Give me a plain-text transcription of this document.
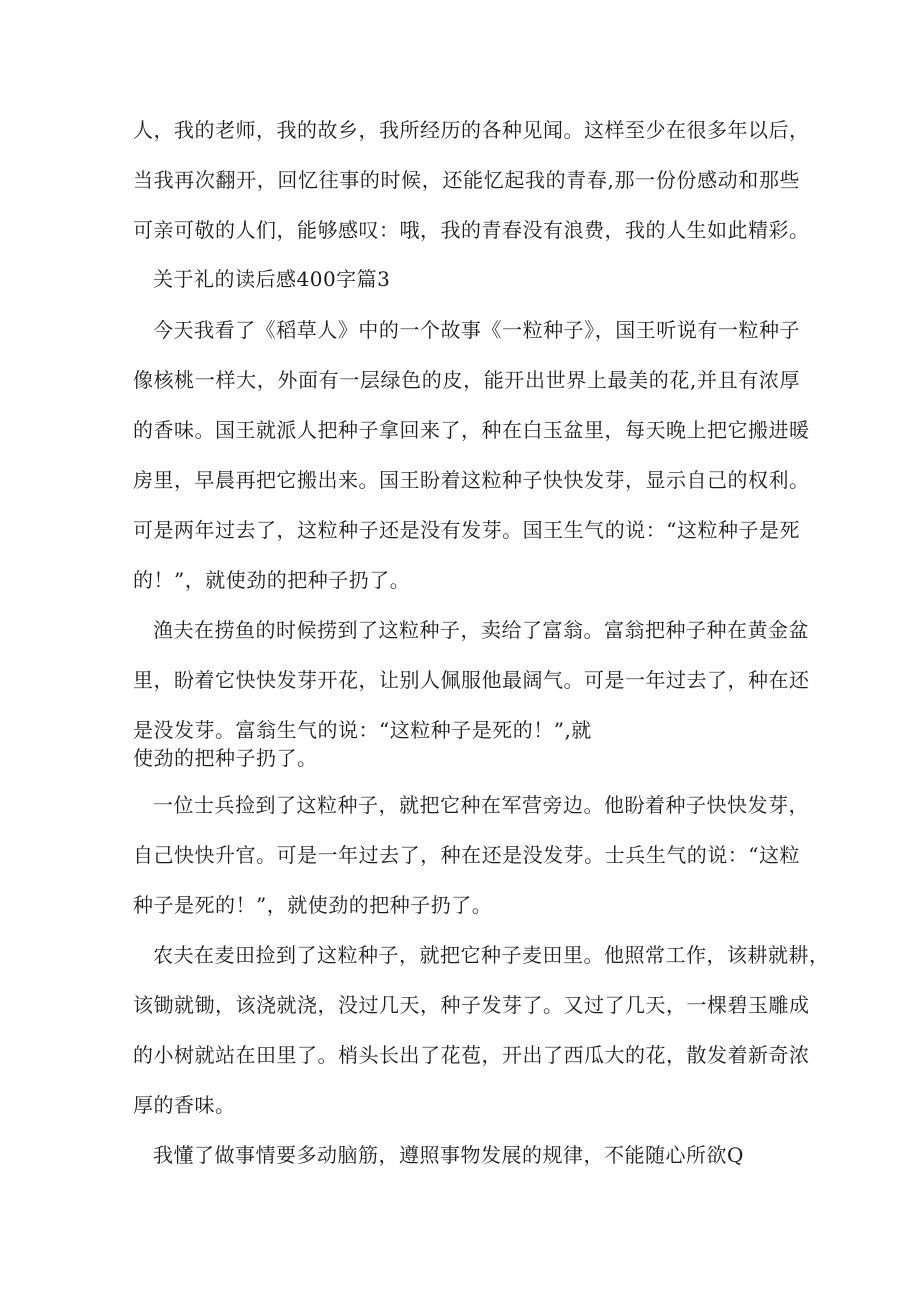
人，我的老师，我的故乡，我所经历的各种见闻。这样至少在很多年以后，
当我再次翻开，回忆往事的时候，还能忆起我的青春,那一份份感动和那些
可亲可敬的人们，能够感叹：哦，我的青春没有浪费，我的人生如此精彩。
关于礼的读后感400字篇3
今天我看了《稻草人》中的一个故事《一粒种子》，国王听说有一粒种子
像核桃一样大，外面有一层绿色的皮，能开出世界上最美的花,并且有浓厚
的香味。国王就派人把种子拿回来了，种在白玉盆里，每天晚上把它搬进暖
房里，早晨再把它搬出来。国王盼着这粒种子快快发芽，显示自己的权利。
可是两年过去了，这粒种子还是没有发芽。国王生气的说：“这粒种子是死
的！”，就使劲的把种子扔了。
渔夫在捞鱼的时候捞到了这粒种子，卖给了富翁。富翁把种子种在黄金盆
里，盼着它快快发芽开花，让别人佩服他最阔气。可是一年过去了，种在还
是没发芽。富翁生气的说：“这粒种子是死的！”,就
使劲的把种子扔了。
一位士兵捡到了这粒种子，就把它种在军营旁边。他盼着种子快快发芽，
自己快快升官。可是一年过去了，种在还是没发芽。士兵生气的说：“这粒
种子是死的！”，就使劲的把种子扔了。
农夫在麦田捡到了这粒种子，就把它种子麦田里。他照常工作，该耕就耕，
该锄就锄，该浇就浇，没过几天，种子发芽了。又过了几天，一棵碧玉雕成
的小树就站在田里了。梢头长出了花苞，开出了西瓜大的花，散发着新奇浓
厚的香味。
我懂了做事情要多动脑筋，遵照事物发展的规律，不能随心所欲Q
